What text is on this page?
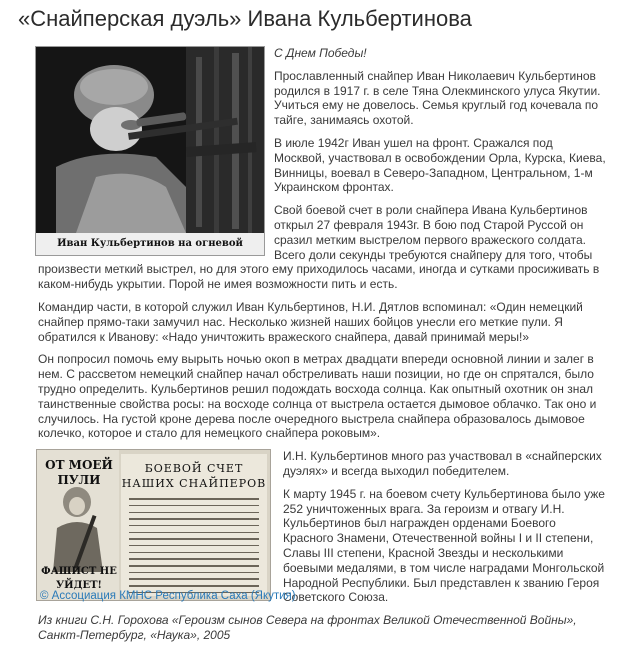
«Снайперская дуэль» Ивана Кульбертинова
Иван Кульбертинов на огневой

С Днем Победы!

Прославленный снайпер Иван Николаевич Кульбертинов родился в 1917 г. в селе Тяна Олекминского улуса Якутии. Учиться ему не довелось. Семья круглый год кочевала по тайге, занимаясь охотой.

В июле 1942г Иван ушел на фронт. Сражался под Москвой, участвовал в освобождении Орла, Курска, Киева, Винницы, воевал в Северо-Западном, Центральном, 1-м Украинском фронтах.

Свой боевой счет в роли снайпера Ивана Кульбертинов открыл 27 февраля 1943г. В бою под Старой Руссой он сразил метким выстрелом первого вражеского солдата. Всего доли секунды требуются снайперу для того, чтобы произвести меткий выстрел, но для этого ему приходилось часами, иногда и сутками просиживать в каком-нибудь укрытии. Порой не имея возможности пить и есть.

Командир части, в которой служил Иван Кульбертинов, Н.И. Дятлов вспоминал: «Один немецкий снайпер прямо-таки замучил нас. Несколько жизней наших бойцов унесли его меткие пули. Я обратился к Иванову: «Надо уничтожить вражеского снайпера, давай принимай меры!»

Он попросил помочь ему вырыть ночью окоп в метрах двадцати впереди основной линии и залег в нем. С рассветом немецкий снайпер начал обстреливать наши позиции, но где он спрятался, было трудно определить. Кульбертинов решил подождать восхода солнца. Как опытный охотник он знал таинственные свойства росы: на восходе солнца от выстрела остается дымовое облачко. Так оно и случилось. На густой кроне дерева после очередного выстрела снайпера образовалось дымовое колечко, которое и стало для немецкого снайпера роковым».

ОТ МОЕЙ ПУЛИ
ФАШИСТ НЕ УЙДЕТ!
БОЕВОЙ СЧЕТ
НАШИХ СНАЙПЕРОВ

И.Н. Кульбертинов много раз участвовал в «снайперских дуэлях» и всегда выходил победителем.

К марту 1945 г. на боевом счету Кульбертинова было уже 252 уничтоженных врага. За героизм и отвагу И.Н. Кульбертинов был награжден орденами Боевого Красного Знамени, Отечественной войны I и II степени, Славы III степени, Красной Звезды и несколькими боевыми медалями, в том числе наградами Монгольской Народной Республики. Был представлен к званию Героя Советского Союза.

Из книги С.Н. Горохова «Героизм сынов Севера на фронтах Великой Отечественной Войны», Санкт-Петербург, «Наука», 2005

© Ассоциация КМНС Республика Саха (Якутия)
